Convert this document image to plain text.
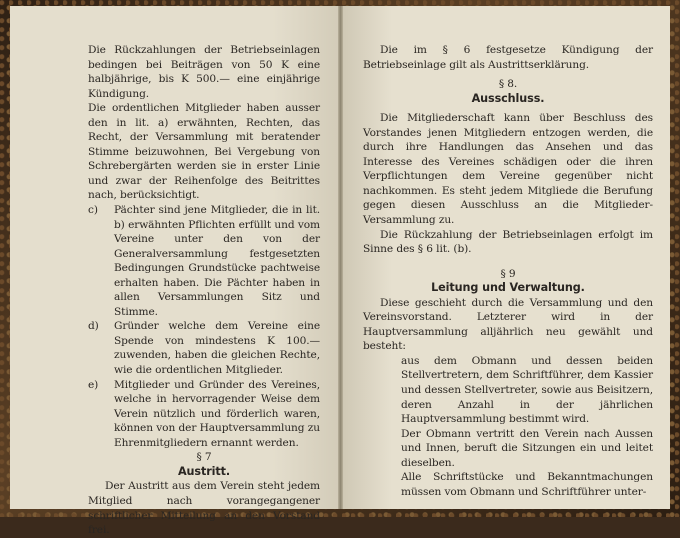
Die Rückzahlungen der Betriebseinlagen bedingen bei Beiträgen von 50 K eine halbjährige, bis K 500.— eine einjährige Kündigung.

Die ordentlichen Mitglieder haben ausser den in lit. a) erwähnten, Rechten, das Recht, der Versammlung mit beratender Stimme beizuwohnen, Bei Vergebung von Schrebergärten werden sie in erster Linie und zwar der Reihenfolge des Beitrittes nach, berücksichtigt.

c) Pächter sind jene Mitglieder, die in lit. b) erwähnten Pflichten erfüllt und vom Vereine unter den von der Generalversammlung festgesetzten Bedingungen Grundstücke pachtweise erhalten haben. Die Pächter haben in allen Versammlungen Sitz und Stimme.
d) Gründer welche dem Vereine eine Spende von mindestens K 100.— zuwenden, haben die gleichen Rechte, wie die ordentlichen Mitglieder.
e) Mitglieder und Gründer des Vereines, welche in hervorragender Weise dem Verein nützlich und förderlich waren, können von der Hauptversammlung zu Ehrenmitgliedern ernannt werden.

§ 7

Austritt.

Der Austritt aus dem Verein steht jedem Mitglied nach vorangegangener schriftlicher Mitteilung an den Vorstand frei.

Die im § 6 festgesetze Kündigung der Betriebseinlage gilt als Austrittserklärung.

§ 8.

Ausschluss.

Die Mitgliederschaft kann über Beschluss des Vorstandes jenen Mitgliedern entzogen werden, die durch ihre Handlungen das Ansehen und das Interesse des Vereines schädigen oder die ihren Verpflichtungen dem Vereine gegenüber nicht nachkommen. Es steht jedem Mitgliede die Berufung gegen diesen Ausschluss an die Mitglieder-Versammlung zu.

Die Rückzahlung der Betriebseinlagen erfolgt im Sinne des § 6 lit. (b).

§ 9

Leitung und Verwaltung.

Diese geschieht durch die Versammlung und den Vereinsvorstand. Letzterer wird in der Hauptversammlung alljährlich neu gewählt und besteht:

aus dem Obmann und dessen beiden Stellvertretern, dem Schriftführer, dem Kassier und dessen Stellvertreter, sowie aus Beisitzern, deren Anzahl in der jährlichen Hauptversammlung bestimmt wird.

Der Obmann vertritt den Verein nach Aussen und Innen, beruft die Sitzungen ein und leitet dieselben.

Alle Schriftstücke und Bekanntmachungen müssen vom Obmann und Schriftführer unter-
